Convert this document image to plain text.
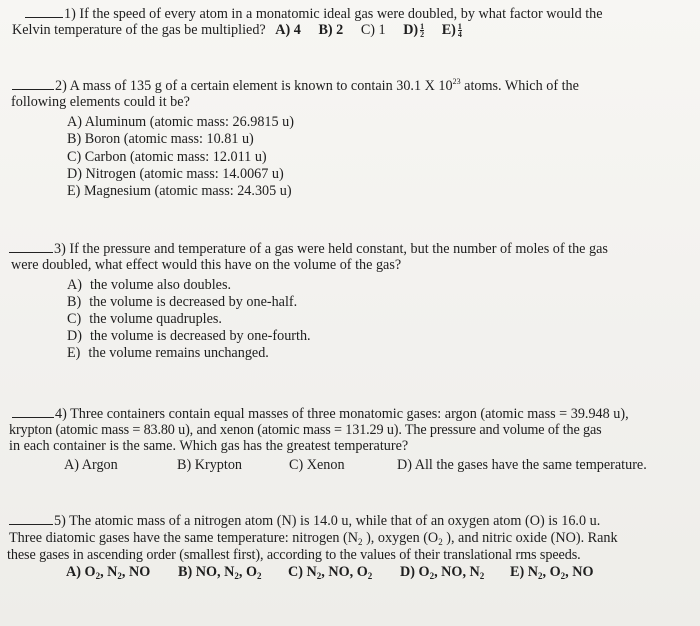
1) If the speed of every atom in a monatomic ideal gas were doubled, by what factor would the
Kelvin temperature of the gas be multiplied? A) 4 B) 2 C) 1 $D) \frac{1}{2} E) \frac{1}{4}$
2) A mass of 135 g of a certain element is known to contain 30.1 X $10^{23}$ atoms. Which of the
following elements could it be?
A) Aluminum (atomic mass: 26.9815 u)
B) Boron (atomic mass: 10.81 u)
C) Carbon (atomic mass: 12.011 u)
D) Nitrogen (atomic mass: 14.0067 u)
E) Magnesium (atomic mass: 24.305 u)
3) If the pressure and temperature of a gas were held constant, but the number of moles of the gas
were doubled, what effect would this have on the volume of the gas?
A) the volume also doubles.
B) the volume is decreased by one-half.
C) the volume quadruples.
D) the volume is decreased by one-fourth.
E) the volume remains unchanged.
4) Three containers contain equal masses of three monatomic gases: argon (atomic mass = 39.948 u),
krypton (atomic mass = 83.80 u), and xenon (atomic mass = 131.29 u). The pressure and volume of the gas
in each container is the same. Which gas has the greatest temperature?
A) Argon	B) Krypton	C) Xenon	D) All the gases have the same temperature.
5) The atomic mass of a nitrogen atom (N) is 14.0 u, while that of an oxygen atom (O) is 16.0 u.
Three diatomic gases have the same temperature: nitrogen ($N_2$ ), oxygen ($O_2$ ), and nitric oxide (NO). Rank
these gases in ascending order (smallest first), according to the values of their translational rms speeds.
A) $O_2$, $N_2$, NO B) NO, $N_2$, $O_2$ C) $N_2$, NO, $O_2$ D) $O_2$, NO, $N_2$ E) $N_2$, $O_2$, NO
